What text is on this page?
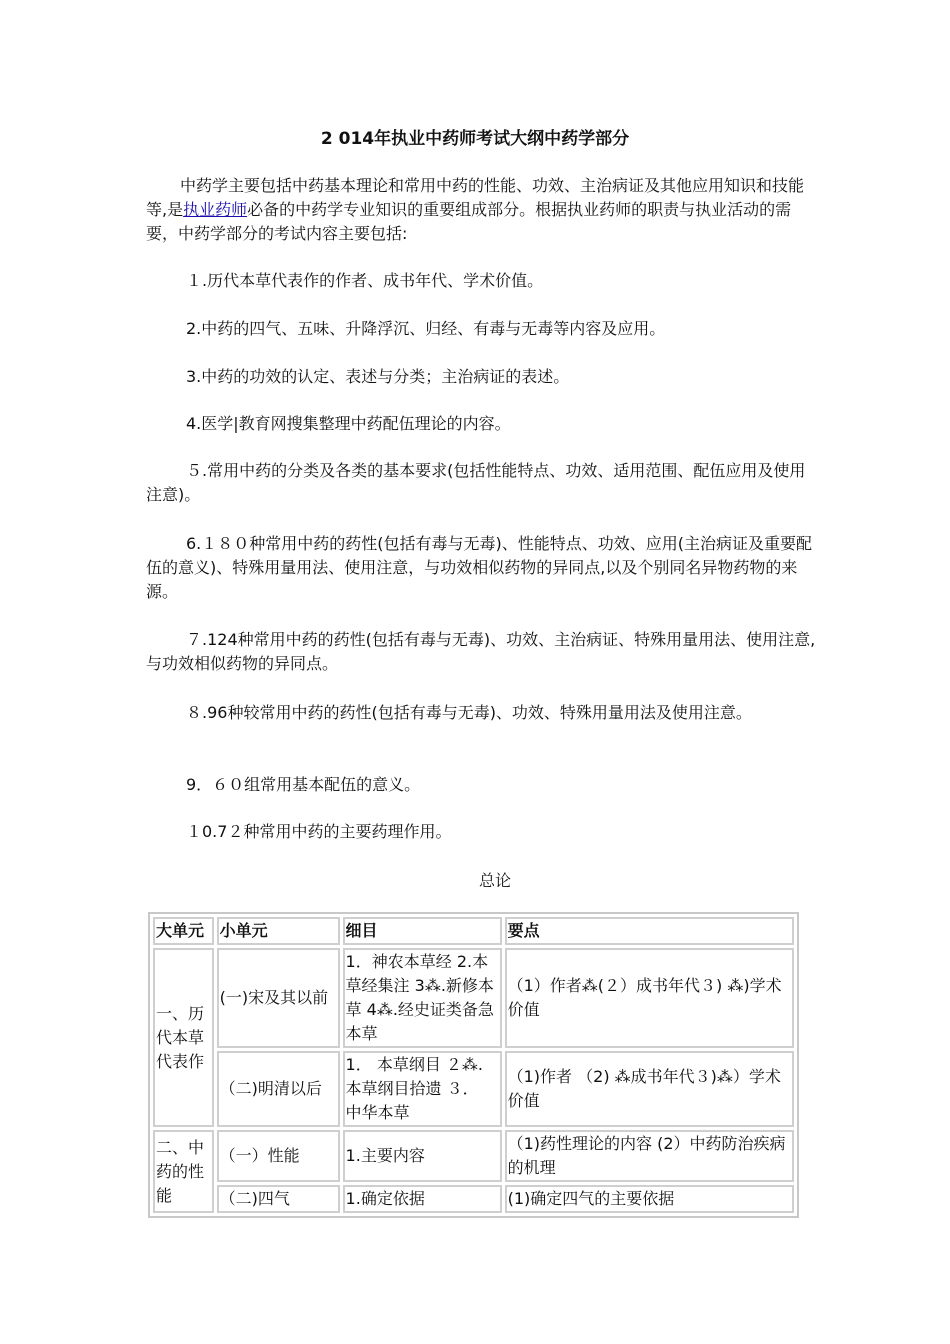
2 014年执业中药师考试大纲中药学部分

中药学主要包括中药基本理论和常用中药的性能、功效、主治病证及其他应用知识和技能等,是执业药师必备的中药学专业知识的重要组成部分。根据执业药师的职责与执业活动的需要，中药学部分的考试内容主要包括:

１.历代本草代表作的作者、成书年代、学术价值。

2.中药的四气、五味、升降浮沉、归经、有毒与无毒等内容及应用。

3.中药的功效的认定、表述与分类；主治病证的表述。

4.医学|教育网搜集整理中药配伍理论的内容。

５.常用中药的分类及各类的基本要求(包括性能特点、功效、适用范围、配伍应用及使用注意)。

6.１８０种常用中药的药性(包括有毒与无毒)、性能特点、功效、应用(主治病证及重要配伍的意义)、特殊用量用法、使用注意，与功效相似药物的异同点,以及个别同名异物药物的来源。

７.124种常用中药的药性(包括有毒与无毒)、功效、主治病证、特殊用量用法、使用注意,与功效相似药物的异同点。

８.96种较常用中药的药性(包括有毒与无毒)、功效、特殊用量用法及使用注意。

9．６０组常用基本配伍的意义。

１0.7２种常用中药的主要药理作用。

总论
大单元	小单元	细目	要点
一、历代本草代表作	(一)宋及其以前	1．神农本草经 2.本草经集注 3⁂.新修本草 4⁂.经史证类备急本草	（1）作者⁂(２）成书年代３) ⁂)学术价值
	（二)明清以后	1． 本草纲目 ２⁂. 本草纲目拾遗 ３． 中华本草	（1)作者 （2) ⁂成书年代３)⁂）学术价值
二、中药的性能	（一）性能	1.主要内容	（1)药性理论的内容 (2）中药防治疾病的机理
	（二)四气	1.确定依据	(1)确定四气的主要依据
